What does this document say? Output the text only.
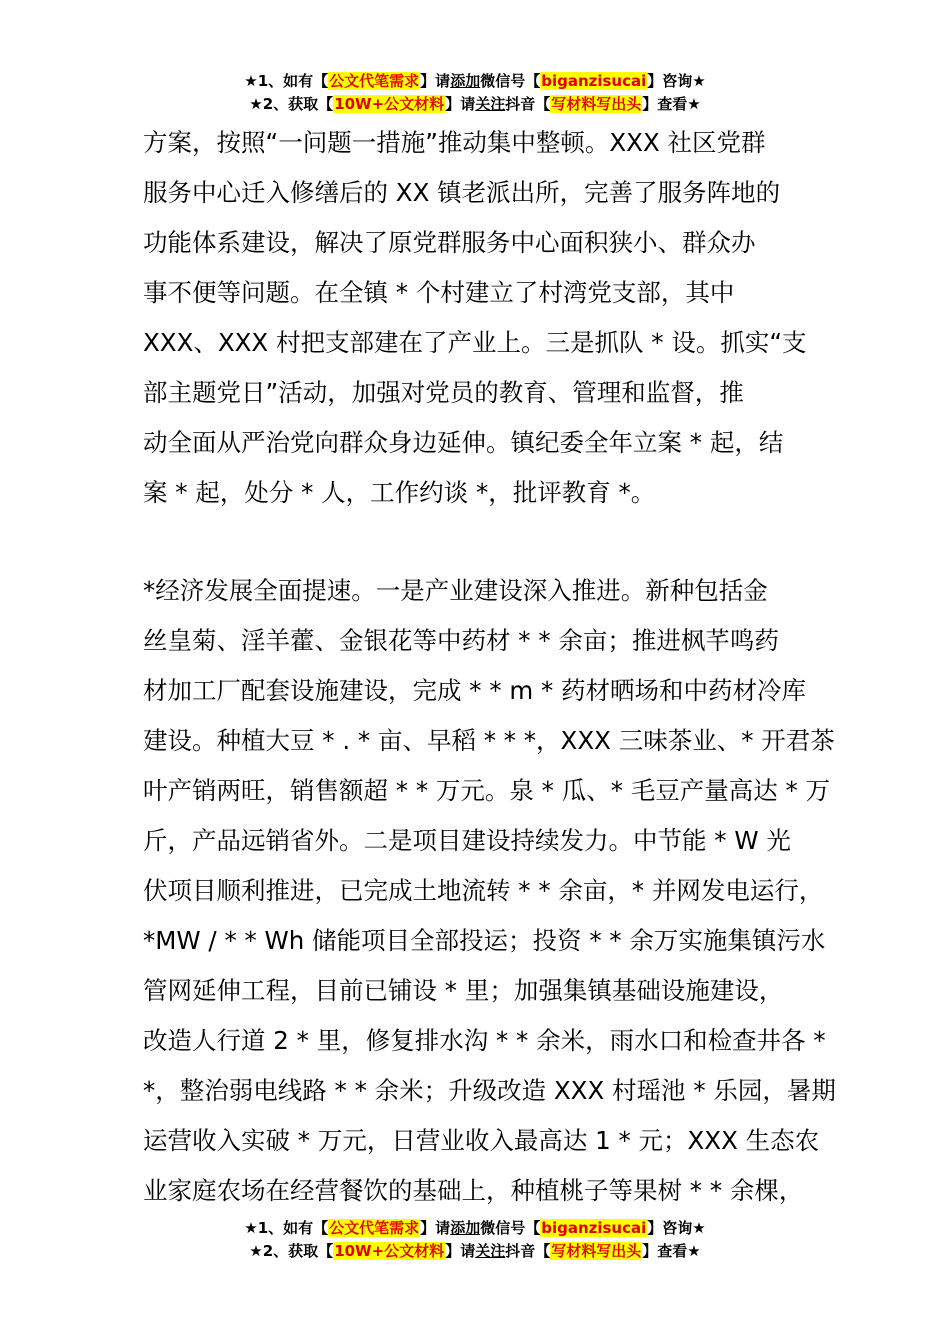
★1、如有【公文代笔需求】请添加微信号【biganzisucai】咨询★
★2、获取【10W+公文材料】请关注抖音【写材料写出头】查看★
方案，按照“一问题一措施”推动集中整顿。XXX 社区党群
服务中心迁入修缮后的 XX 镇老派出所，完善了服务阵地的
功能体系建设，解决了原党群服务中心面积狭小、群众办
事不便等问题。在全镇 * 个村建立了村湾党支部，其中
XXX、XXX 村把支部建在了产业上。三是抓队 * 设。抓实“支
部主题党日”活动，加强对党员的教育、管理和监督，推
动全面从严治党向群众身边延伸。镇纪委全年立案 * 起，结
案 * 起，处分 * 人，工作约谈 *，批评教育 *。
*经济发展全面提速。一是产业建设深入推进。新种包括金
丝皇菊、淫羊藿、金银花等中药材 * * 余亩；推进枫芊鸣药
材加工厂配套设施建设，完成 * * m * 药材晒场和中药材冷库
建设。种植大豆 * . * 亩、早稻 * * *，XXX 三味茶业、* 开君茶
叶产销两旺，销售额超 * * 万元。泉 * 瓜、* 毛豆产量高达 * 万
斤，产品远销省外。二是项目建设持续发力。中节能 * W 光
伏项目顺利推进，已完成土地流转 * * 余亩，* 并网发电运行，
*MW / * * Wh 储能项目全部投运；投资 * * 余万实施集镇污水
管网延伸工程，目前已铺设 * 里；加强集镇基础设施建设，
改造人行道 2 * 里，修复排水沟 * * 余米，雨水口和检查井各 *
*，整治弱电线路 * * 余米；升级改造 XXX 村瑶池 * 乐园，暑期
运营收入实破 * 万元，日营业收入最高达 1 * 元；XXX 生态农
业家庭农场在经营餐饮的基础上，种植桃子等果树 * * 余棵，
★1、如有【公文代笔需求】请添加微信号【biganzisucai】咨询★
★2、获取【10W+公文材料】请关注抖音【写材料写出头】查看★
